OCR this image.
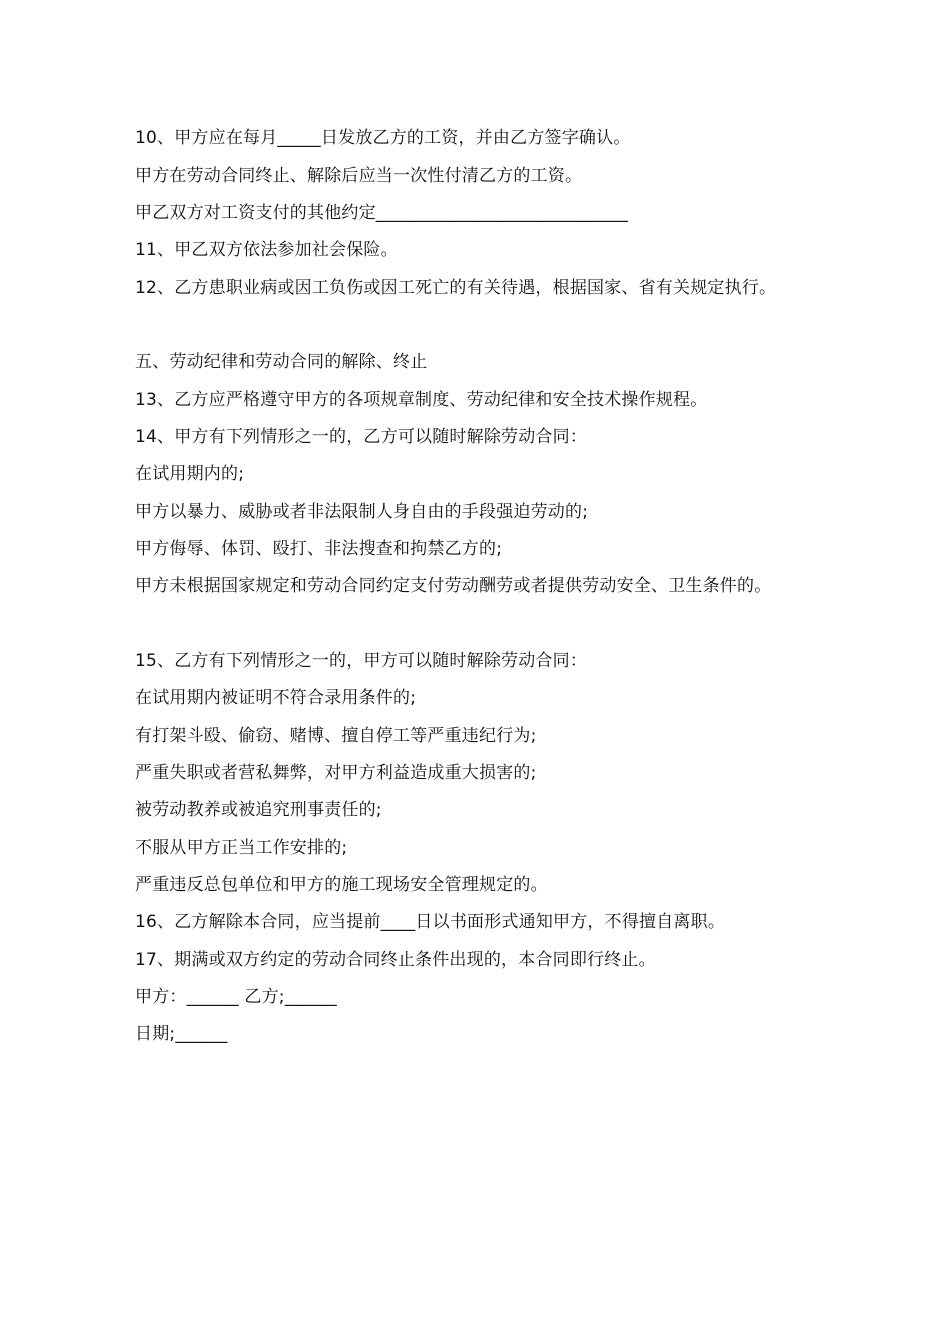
10、甲方应在每月_____日发放乙方的工资，并由乙方签字确认。
甲方在劳动合同终止、解除后应当一次性付清乙方的工资。
甲乙双方对工资支付的其他约定_____________________________
11、甲乙双方依法参加社会保险。
12、乙方患职业病或因工负伤或因工死亡的有关待遇，根据国家、省有关规定执行。
五、劳动纪律和劳动合同的解除、终止
13、乙方应严格遵守甲方的各项规章制度、劳动纪律和安全技术操作规程。
14、甲方有下列情形之一的，乙方可以随时解除劳动合同：
在试用期内的;
甲方以暴力、威胁或者非法限制人身自由的手段强迫劳动的;
甲方侮辱、体罚、殴打、非法搜查和拘禁乙方的;
甲方未根据国家规定和劳动合同约定支付劳动酬劳或者提供劳动安全、卫生条件的。
15、乙方有下列情形之一的，甲方可以随时解除劳动合同：
在试用期内被证明不符合录用条件的;
有打架斗殴、偷窃、赌博、擅自停工等严重违纪行为;
严重失职或者营私舞弊，对甲方利益造成重大损害的;
被劳动教养或被追究刑事责任的;
不服从甲方正当工作安排的;
严重违反总包单位和甲方的施工现场安全管理规定的。
16、乙方解除本合同，应当提前____日以书面形式通知甲方，不得擅自离职。
17、期满或双方约定的劳动合同终止条件出现的，本合同即行终止。
甲方：______ 乙方;______
日期;______
